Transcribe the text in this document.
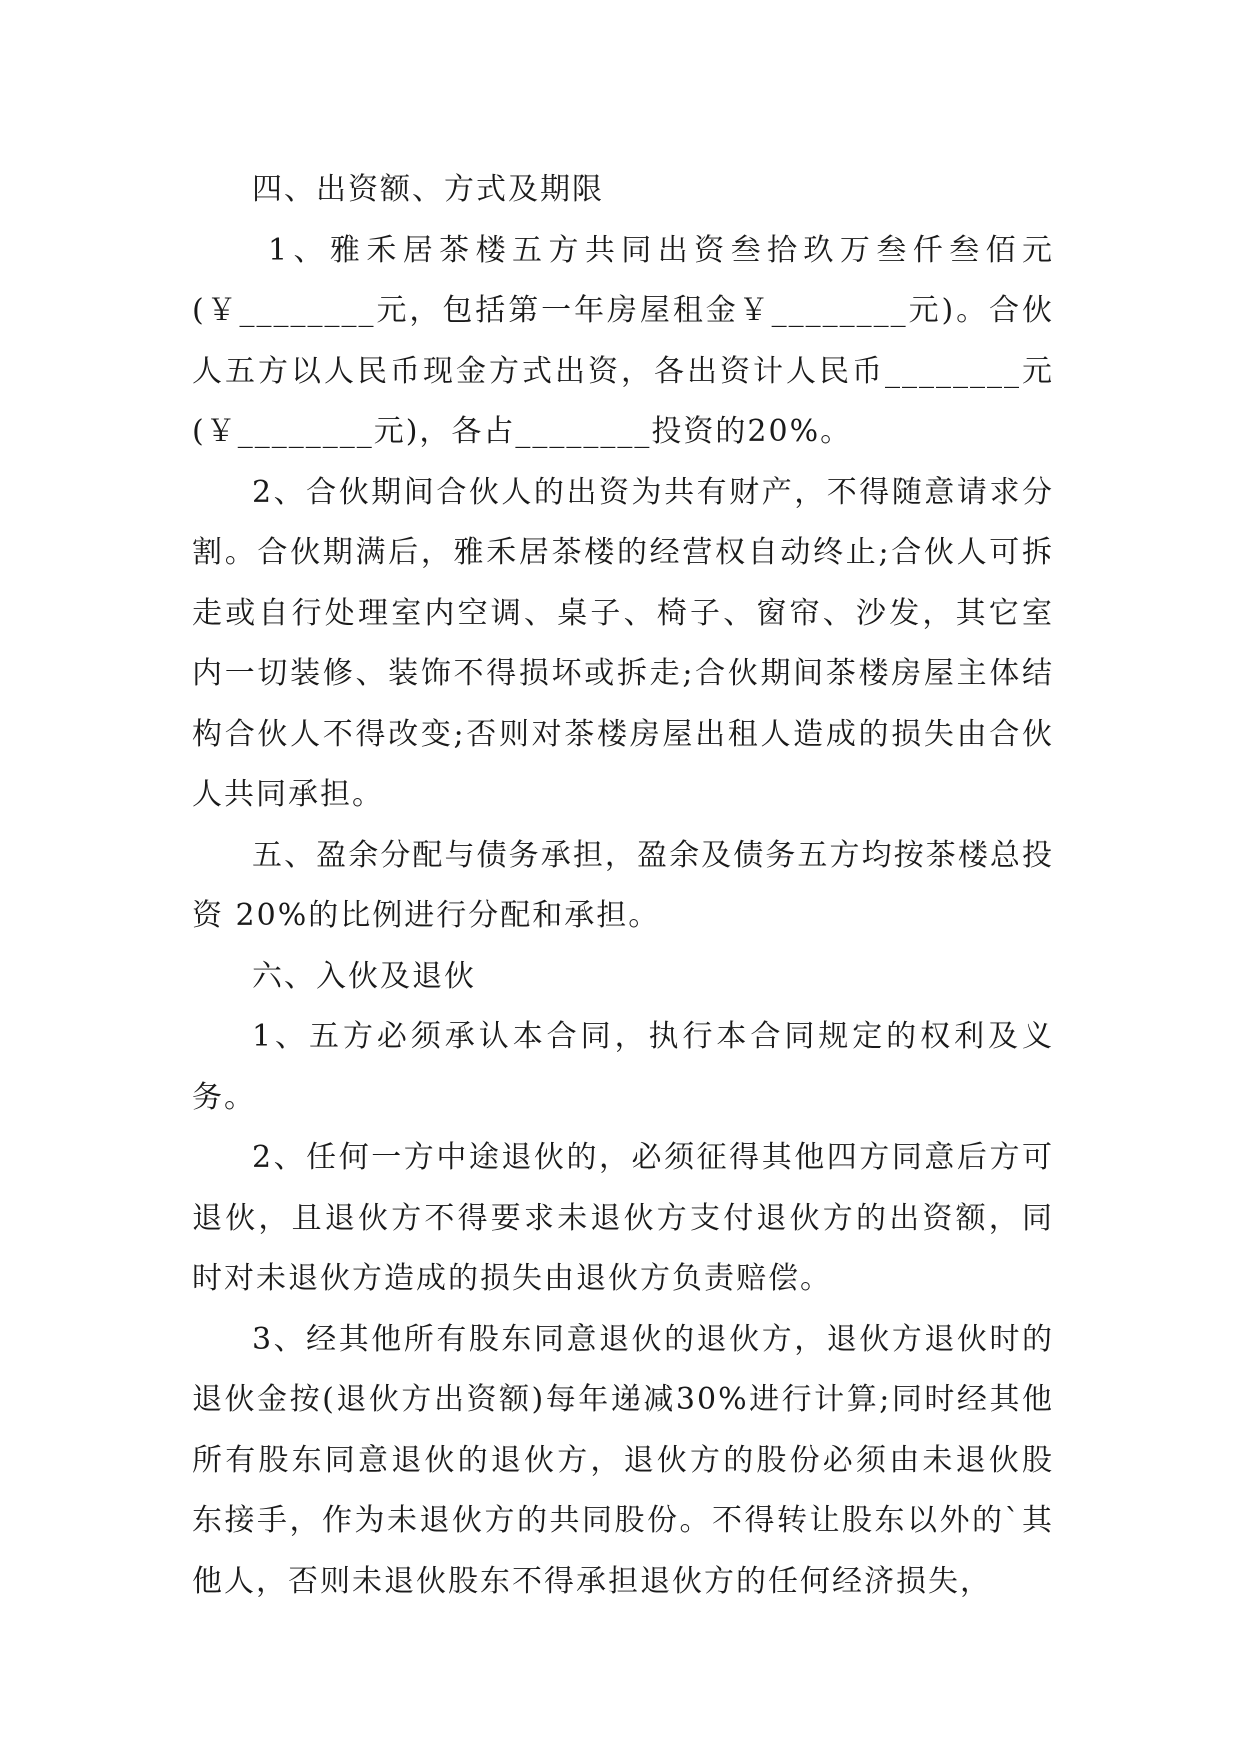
四、出资额、方式及期限

1、雅禾居茶楼五方共同出资叁拾玖万叁仟叁佰元(￥________元，包括第一年房屋租金￥________元)。合伙人五方以人民币现金方式出资，各出资计人民币________元(￥________元)，各占________投资的20%。

2、合伙期间合伙人的出资为共有财产，不得随意请求分割。合伙期满后，雅禾居茶楼的经营权自动终止;合伙人可拆走或自行处理室内空调、桌子、椅子、窗帘、沙发，其它室内一切装修、装饰不得损坏或拆走;合伙期间茶楼房屋主体结构合伙人不得改变;否则对茶楼房屋出租人造成的损失由合伙人共同承担。

五、盈余分配与债务承担，盈余及债务五方均按茶楼总投资 20%的比例进行分配和承担。

六、入伙及退伙

1、五方必须承认本合同，执行本合同规定的权利及义务。

2、任何一方中途退伙的，必须征得其他四方同意后方可退伙，且退伙方不得要求未退伙方支付退伙方的出资额，同时对未退伙方造成的损失由退伙方负责赔偿。

3、经其他所有股东同意退伙的退伙方，退伙方退伙时的退伙金按(退伙方出资额)每年递减30%进行计算;同时经其他所有股东同意退伙的退伙方，退伙方的股份必须由未退伙股东接手，作为未退伙方的共同股份。不得转让股东以外的`其他人，否则未退伙股东不得承担退伙方的任何经济损失，
